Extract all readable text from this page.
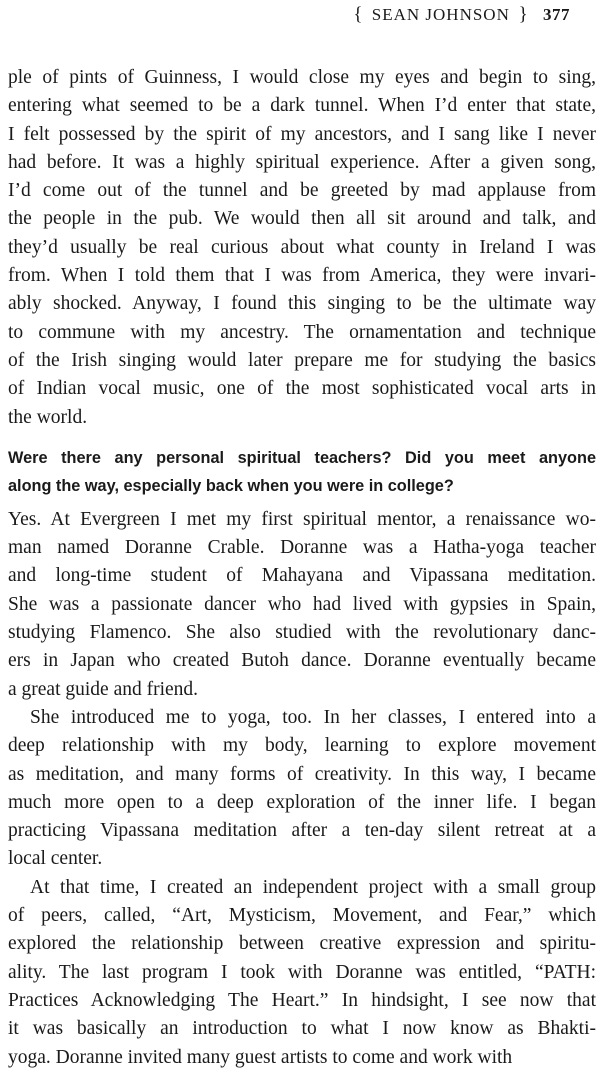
{ SEAN JOHNSON } 377
ple of pints of Guinness, I would close my eyes and begin to sing,
entering what seemed to be a dark tunnel. When I’d enter that state,
I felt possessed by the spirit of my ancestors, and I sang like I never
had before. It was a highly spiritual experience. After a given song,
I’d come out of the tunnel and be greeted by mad applause from
the people in the pub. We would then all sit around and talk, and
they’d usually be real curious about what county in Ireland I was
from. When I told them that I was from America, they were invari-
ably shocked. Anyway, I found this singing to be the ultimate way
to commune with my ancestry. The ornamentation and technique
of the Irish singing would later prepare me for studying the basics
of Indian vocal music, one of the most sophisticated vocal arts in
the world.
Were there any personal spiritual teachers? Did you meet anyone
along the way, especially back when you were in college?
Yes. At Evergreen I met my first spiritual mentor, a renaissance wo-
man named Doranne Crable. Doranne was a Hatha-yoga teacher
and long-time student of Mahayana and Vipassana meditation.
She was a passionate dancer who had lived with gypsies in Spain,
studying Flamenco. She also studied with the revolutionary danc-
ers in Japan who created Butoh dance. Doranne eventually became
a great guide and friend.
She introduced me to yoga, too. In her classes, I entered into a
deep relationship with my body, learning to explore movement
as meditation, and many forms of creativity. In this way, I became
much more open to a deep exploration of the inner life. I began
practicing Vipassana meditation after a ten-day silent retreat at a
local center.
At that time, I created an independent project with a small group
of peers, called, “Art, Mysticism, Movement, and Fear,” which
explored the relationship between creative expression and spiritu-
ality. The last program I took with Doranne was entitled, “PATH:
Practices Acknowledging The Heart.” In hindsight, I see now that
it was basically an introduction to what I now know as Bhakti-
yoga. Doranne invited many guest artists to come and work with
